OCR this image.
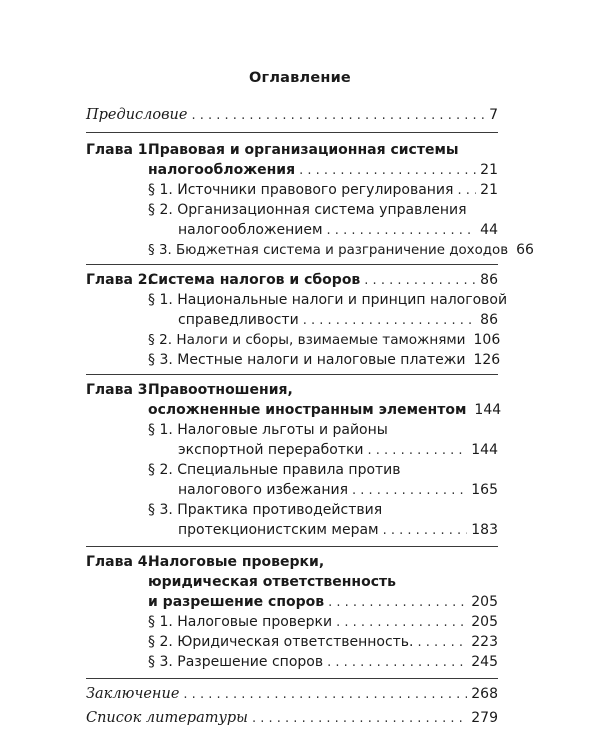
Оглавление
Предисловие . . .	7
Глава 1.
Правовая и организационная системы
налогообложения . . .	21
§ 1. Источники правового регулирования . . . 21
§ 2. Организационная система управления
налогообложением . . .	44
§ 3. Бюджетная система и разграничение доходов 66
Глава 2.
Система налогов и сборов . . .	86
§ 1. Национальные налоги и принцип налоговой
справедливости . . .	86
§ 2. Налоги и сборы, взимаемые таможнями 106
§ 3. Местные налоги и налоговые платежи 126
Глава 3.
Правоотношения,
осложненные иностранным элементом 144
§ 1. Налоговые льготы и районы
экспортной переработки . . .	144
§ 2. Специальные правила против
налогового избежания . . .	165
§ 3. Практика противодействия
протекционистским мерам . . .	183
Глава 4.
Налоговые проверки,
юридическая ответственность
и разрешение споров . . .	205
§ 1. Налоговые проверки . . .	205
§ 2. Юридическая ответственность. . . .	223
§ 3. Разрешение споров . . .	245
Заключение . . .	268
Список литературы . . .	279
